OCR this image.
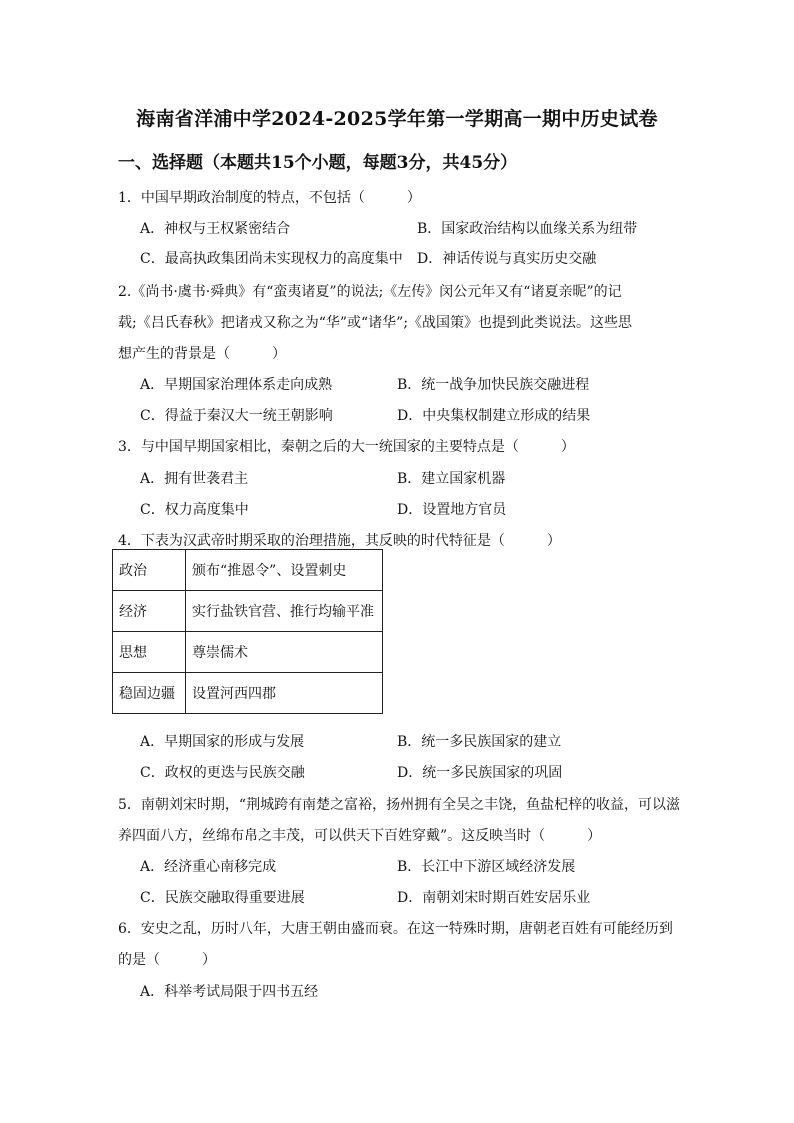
海南省洋浦中学2024-2025学年第一学期高一期中历史试卷
一、选择题（本题共15个小题，每题3分，共45分）
1．中国早期政治制度的特点，不包括（　　　）
A．神权与王权紧密结合	B．国家政治结构以血缘关系为纽带
C．最高执政集团尚未实现权力的高度集中 D．神话传说与真实历史交融
2.《尚书·虞书·舜典》有“蛮夷诸夏”的说法;《左传》闵公元年又有“诸夏亲昵”的记
载;《吕氏春秋》把诸戎又称之为“华”或“诸华”;《战国策》也提到此类说法。这些思
想产生的背景是（　　　）
A．早期国家治理体系走向成熟	B．统一战争加快民族交融进程
C．得益于秦汉大一统王朝影响	D．中央集权制建立形成的结果
3．与中国早期国家相比，秦朝之后的大一统国家的主要特点是（　　　）
A．拥有世袭君主	B．建立国家机器
C．权力高度集中	D．设置地方官员
4．下表为汉武帝时期采取的治理措施，其反映的时代特征是（　　　）
政治	颁布“推恩令”、设置刺史
经济	实行盐铁官营、推行均输平准
思想	尊崇儒术
稳固边疆	设置河西四郡
A．早期国家的形成与发展	B．统一多民族国家的建立
C．政权的更迭与民族交融	D．统一多民族国家的巩固
5．南朝刘宋时期，“荆城跨有南楚之富裕，扬州拥有全吴之丰饶，鱼盐杞梓的收益，可以滋
养四面八方，丝绵布帛之丰茂，可以供天下百姓穿戴”。这反映当时（　　　）
A．经济重心南移完成	B．长江中下游区域经济发展
C．民族交融取得重要进展	D．南朝刘宋时期百姓安居乐业
6．安史之乱，历时八年，大唐王朝由盛而衰。在这一特殊时期，唐朝老百姓有可能经历到
的是（　　　）
A．科举考试局限于四书五经
